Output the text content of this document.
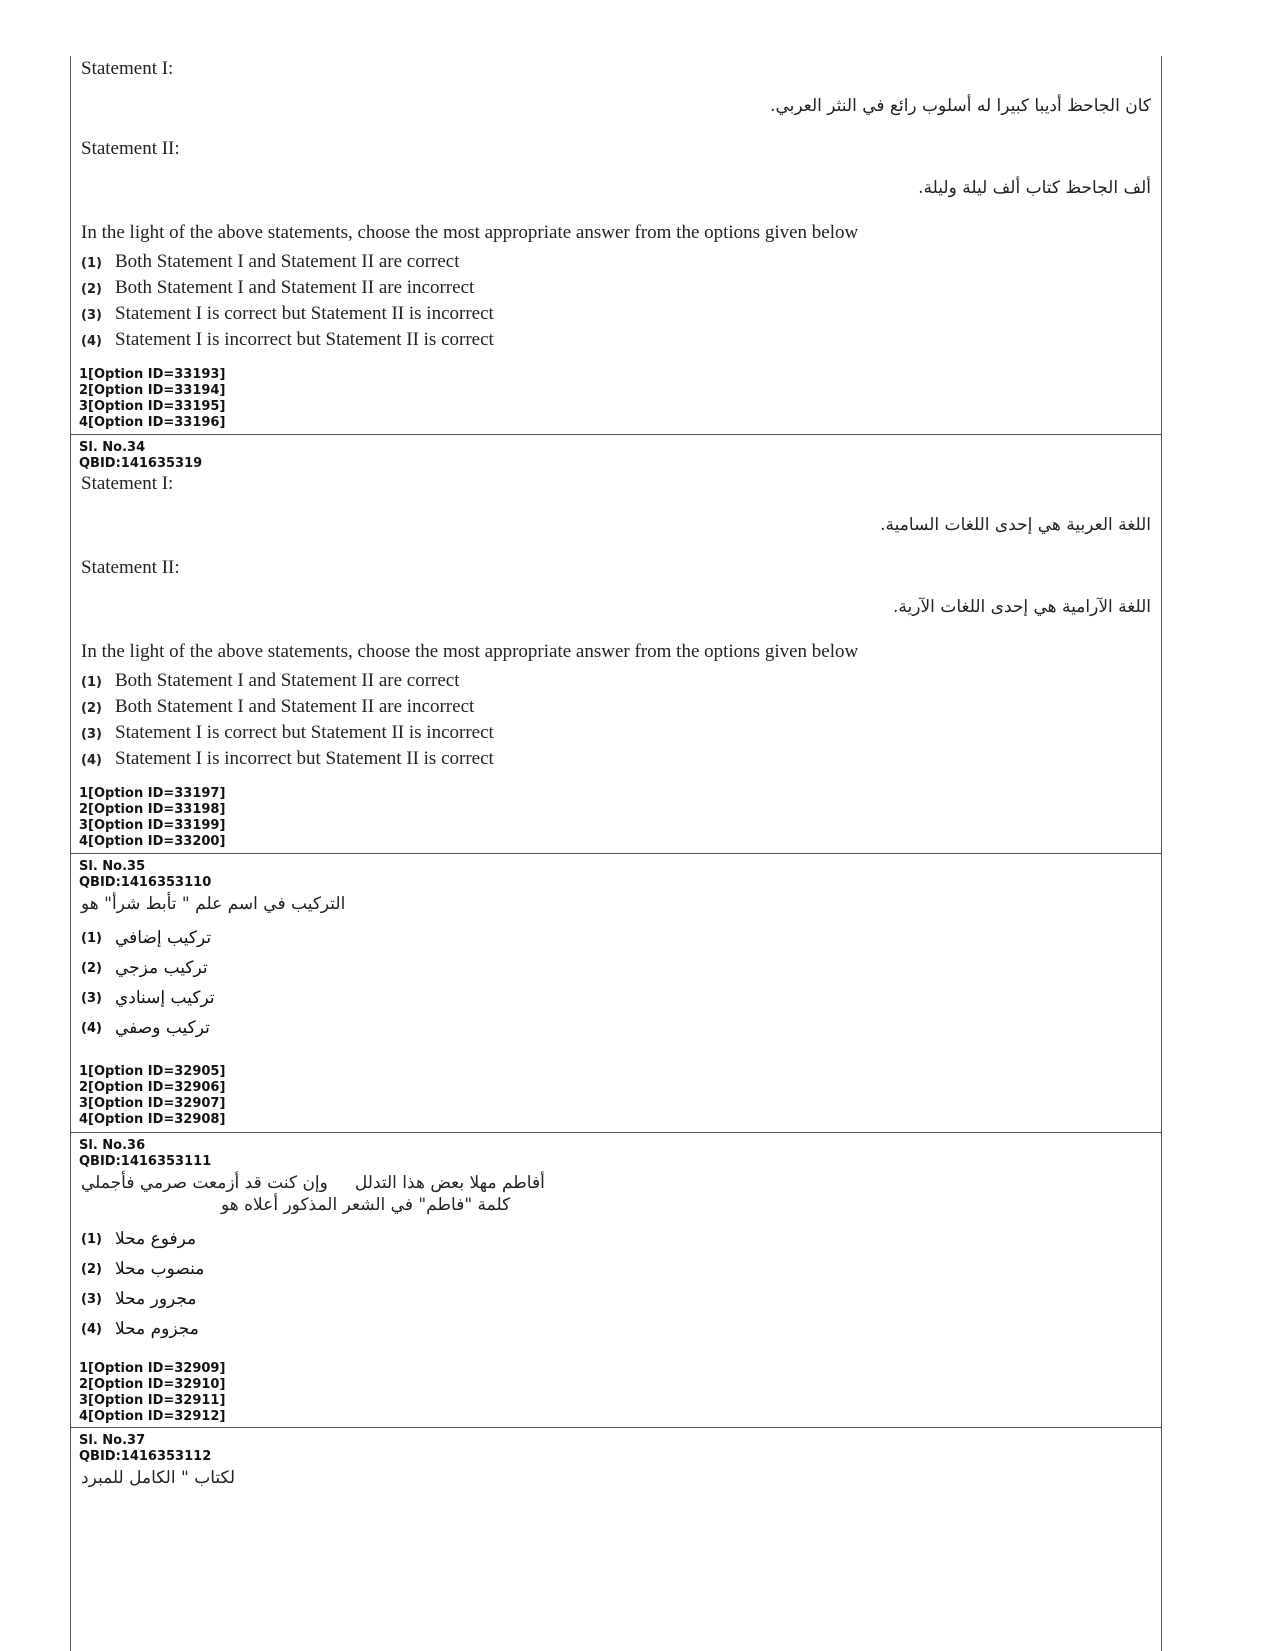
Statement I:
كان الجاحظ أديبا كبيرا له أسلوب رائع في النثر العربي.
Statement II:
ألف الجاحظ كتاب ألف ليلة وليلة.
In the light of the above statements, choose the most appropriate answer from the options given below
(1) Both Statement I and Statement II are correct
(2) Both Statement I and Statement II are incorrect
(3) Statement I is correct but Statement II is incorrect
(4) Statement I is incorrect but Statement II is correct
1[Option ID=33193]
2[Option ID=33194]
3[Option ID=33195]
4[Option ID=33196]
Sl. No.34
QBID:141635319
Statement I:
اللغة العربية هي إحدى اللغات السامية.
Statement II:
اللغة الآرامية هي إحدى اللغات الآرية.
In the light of the above statements, choose the most appropriate answer from the options given below
(1) Both Statement I and Statement II are correct
(2) Both Statement I and Statement II are incorrect
(3) Statement I is correct but Statement II is incorrect
(4) Statement I is incorrect but Statement II is correct
1[Option ID=33197]
2[Option ID=33198]
3[Option ID=33199]
4[Option ID=33200]
Sl. No.35
QBID:1416353110
التركيب في اسم علم " تأبط شرأ" هو
(1) تركيب إضافي
(2) تركيب مزجي
(3) تركيب إسنادي
(4) تركيب وصفي
1[Option ID=32905]
2[Option ID=32906]
3[Option ID=32907]
4[Option ID=32908]
Sl. No.36
QBID:1416353111
أفاطم مهلا بعض هذا التدلل     وإن كنت قد أزمعت صرمي فأجملي
كلمة "فاطم" في الشعر المذكور أعلاه هو
(1) مرفوع محلا
(2) منصوب محلا
(3) مجرور محلا
(4) مجزوم محلا
1[Option ID=32909]
2[Option ID=32910]
3[Option ID=32911]
4[Option ID=32912]
Sl. No.37
QBID:1416353112
لكتاب " الكامل للمبرد
